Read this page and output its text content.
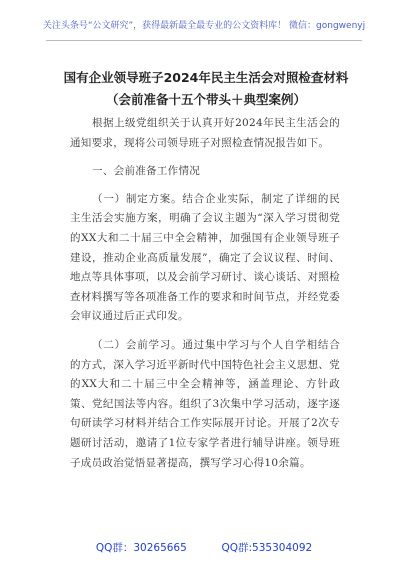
关注头条号“公文研究”，获得最新最全最专业的公文资料库！ 微信：gongwenyj
国有企业领导班子2024年民主生活会对照检查材料（会前准备十五个带头＋典型案例）

根据上级党组织关于认真开好2024年民主生活会的通知要求，现将公司领导班子对照检查情况报告如下。

一、会前准备工作情况

（一）制定方案。结合企业实际，制定了详细的民主生活会实施方案，明确了会议主题为“深入学习贯彻党的XX大和二十届三中全会精神，加强国有企业领导班子建设，推动企业高质量发展”，确定了会议议程、时间、地点等具体事项，以及会前学习研讨、谈心谈话、对照检查材料撰写等各项准备工作的要求和时间节点，并经党委会审议通过后正式印发。

（二）会前学习。通过集中学习与个人自学相结合的方式，深入学习近平新时代中国特色社会主义思想、党的XX大和二十届三中全会精神等，涵盖理论、方针政策、党纪国法等内容。组织了3次集中学习活动，逐字逐句研读学习材料并结合工作实际展开讨论。开展了2次专题研讨活动，邀请了1位专家学者进行辅导讲座。领导班子成员政治觉悟显著提高，撰写学习心得10余篇。

QQ群：30265665	QQ群:535304092
